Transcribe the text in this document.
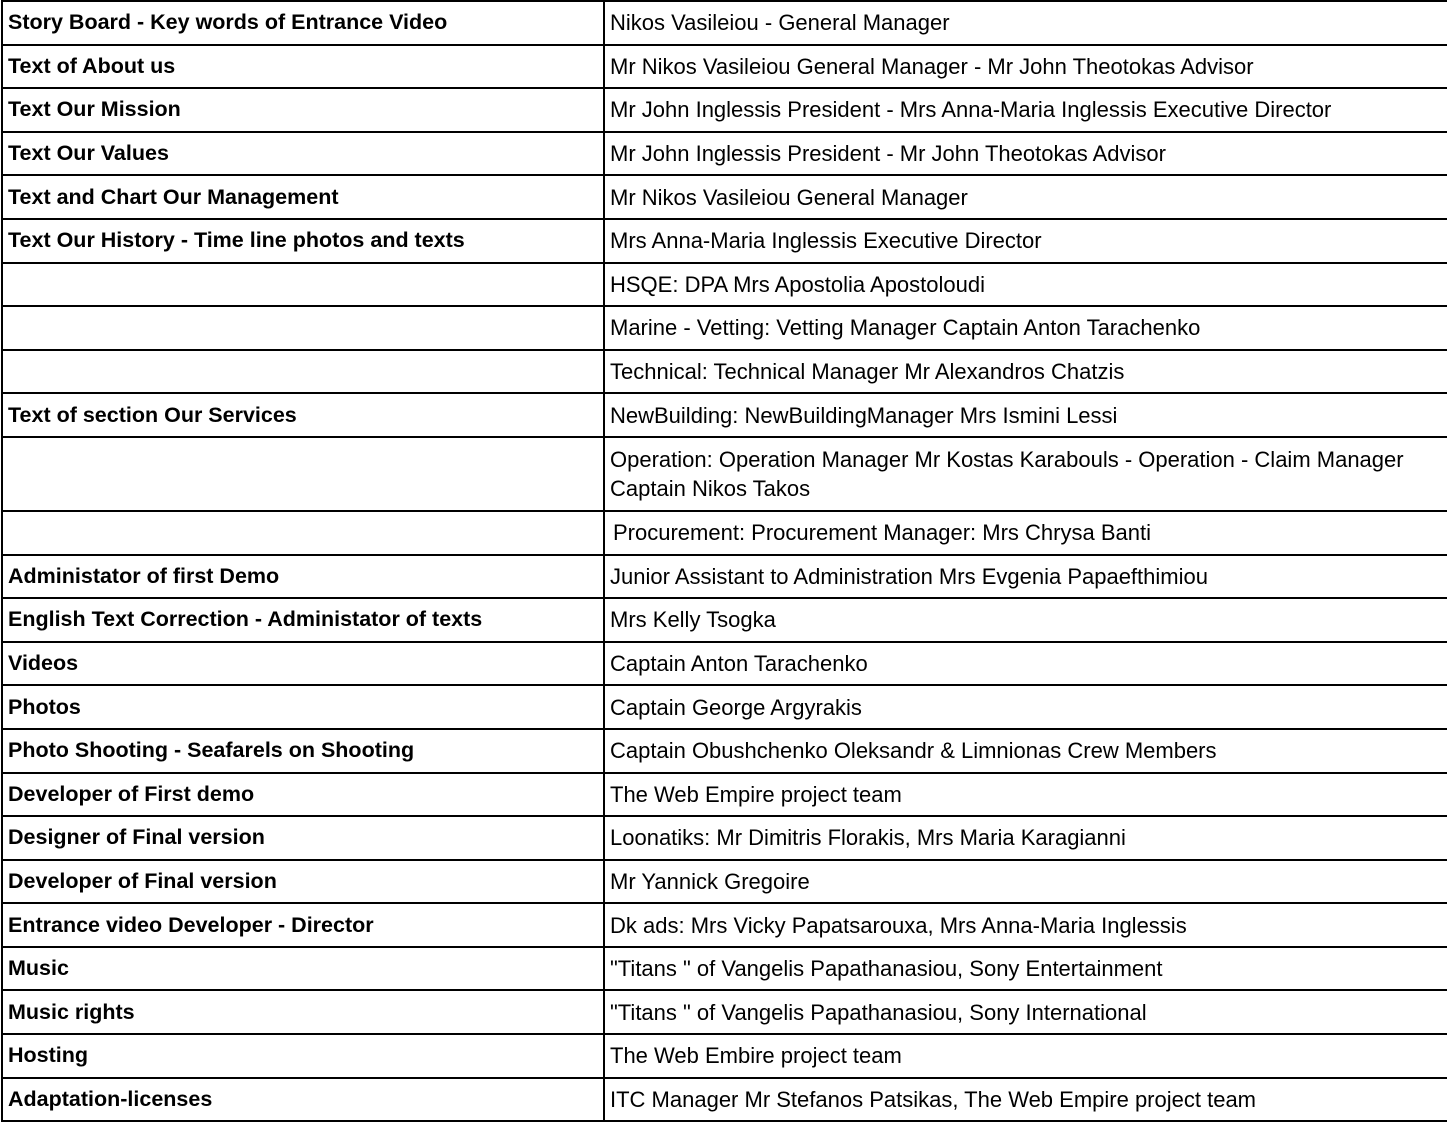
Story Board - Key words of Entrance Video	Nikos Vasileiou - General Manager
Text of About us	Mr Nikos Vasileiou General Manager - Mr John Theotokas Advisor
Text Our Mission	Mr John Inglessis President - Mrs Anna-Maria Inglessis Executive Director
Text Our Values	Mr John Inglessis President - Mr John Theotokas Advisor
Text and Chart Our Management	Mr Nikos Vasileiou General Manager
Text Our History - Time line photos and texts	Mrs Anna-Maria Inglessis Executive Director
	HSQE: DPA Mrs Apostolia Apostoloudi
	Marine - Vetting: Vetting Manager Captain Anton Tarachenko
	Technical: Technical Manager Mr Alexandros Chatzis
Text of section Our Services	NewBuilding: NewBuildingManager Mrs Ismini Lessi
	Operation: Operation Manager Mr Kostas Karabouls - Operation - Claim Manager Captain Nikos Takos
	Procurement: Procurement Manager: Mrs Chrysa Banti
Administator of first Demo	Junior Assistant to Administration Mrs Evgenia Papaefthimiou
English Text Correction - Administator of texts	Mrs Kelly Tsogka
Videos	Captain Anton Tarachenko
Photos	Captain George Argyrakis
Photo Shooting - Seafarels on Shooting	Captain Obushchenko Oleksandr & Limnionas Crew Members
Developer of First demo	The Web Empire project team
Designer of Final version	Loonatiks: Mr Dimitris Florakis, Mrs Maria Karagianni
Developer of Final version	Mr Yannick Gregoire
Entrance video Developer - Director	Dk ads: Mrs Vicky Papatsarouxa, Mrs Anna-Maria Inglessis
Music	"Titans " of Vangelis Papathanasiou, Sony Entertainment
Music rights	"Titans " of Vangelis Papathanasiou, Sony International
Hosting	The Web Embire project team
Adaptation-licenses	ITC Manager Mr Stefanos Patsikas, The Web Empire project team
